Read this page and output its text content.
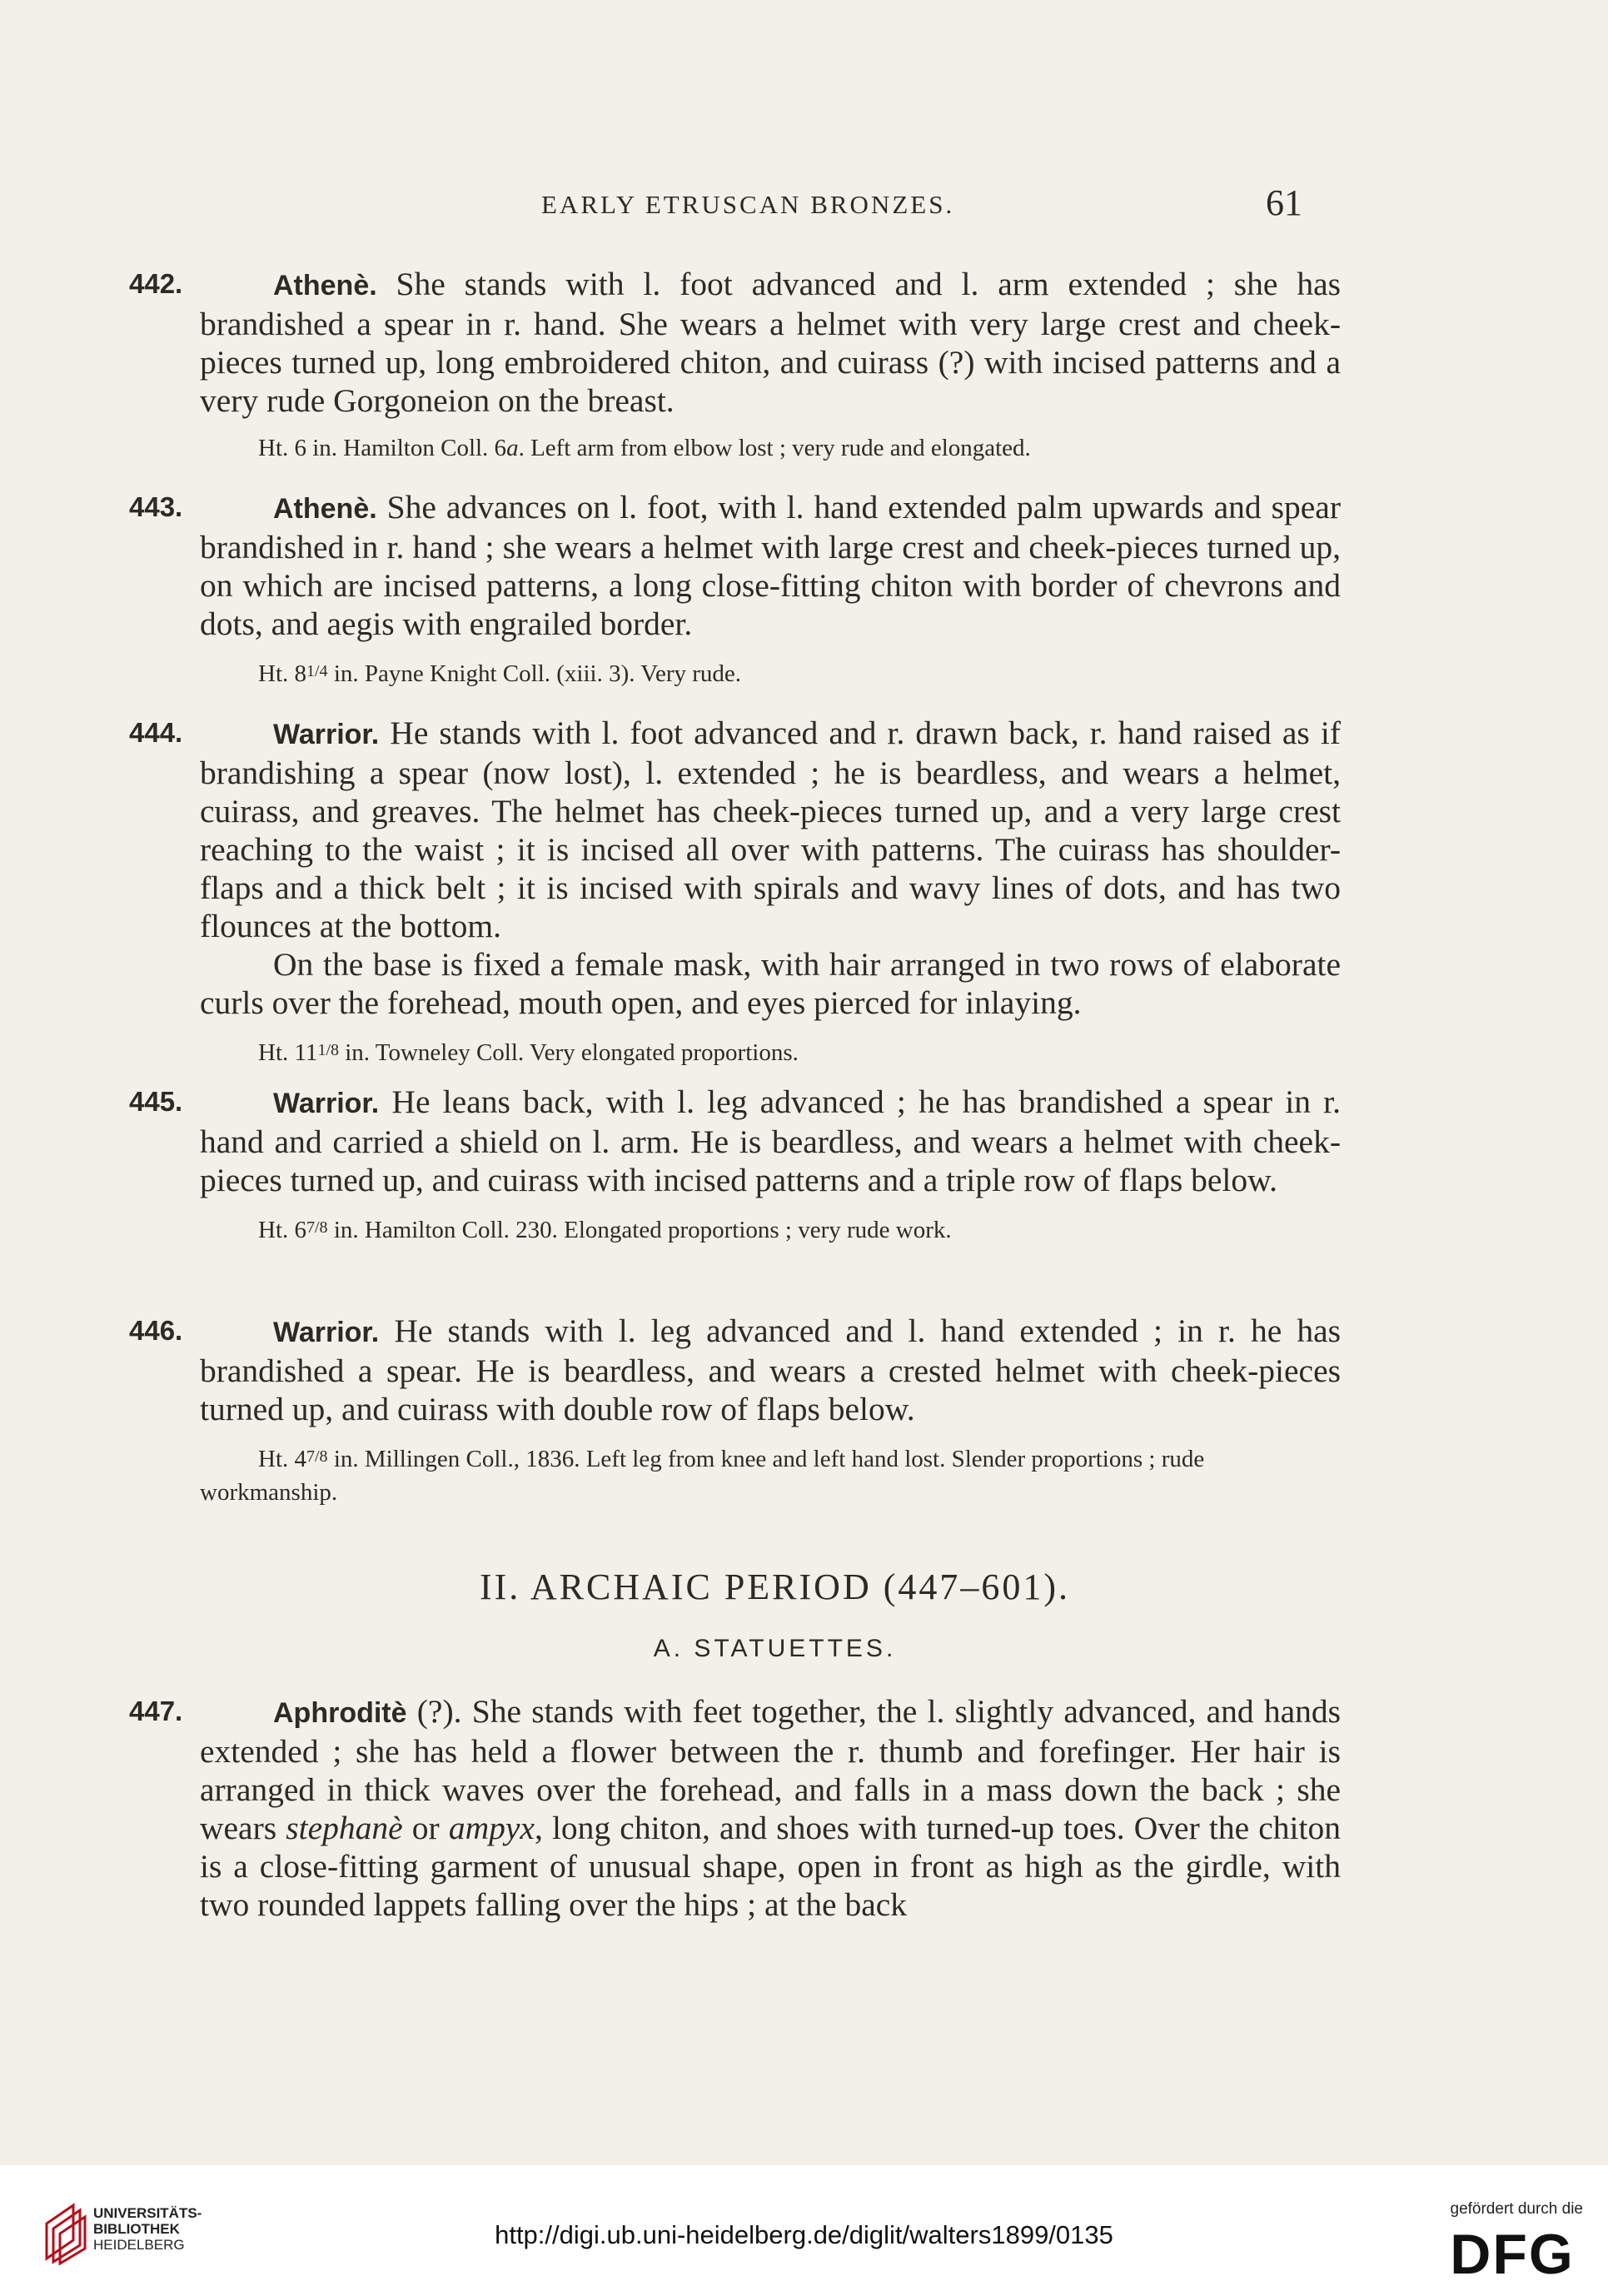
EARLY ETRUSCAN BRONZES.	61
442.	Athenè. She stands with l. foot advanced and l. arm extended ; she has brandished a spear in r. hand. She wears a helmet with very large crest and cheek-pieces turned up, long embroidered chiton, and cuirass (?) with incised patterns and a very rude Gorgoneion on the breast.

Ht. 6 in. Hamilton Coll. 6a. Left arm from elbow lost ; very rude and elongated.

443.	Athenè. She advances on l. foot, with l. hand extended palm upwards and spear brandished in r. hand ; she wears a helmet with large crest and cheek-pieces turned up, on which are incised patterns, a long close-fitting chiton with border of chevrons and dots, and aegis with engrailed border.

Ht. $8^{1/4}$ in. Payne Knight Coll. (xiii. 3). Very rude.

444.	Warrior. He stands with l. foot advanced and r. drawn back, r. hand raised as if brandishing a spear (now lost), l. extended ; he is beardless, and wears a helmet, cuirass, and greaves. The helmet has cheek-pieces turned up, and a very large crest reaching to the waist ; it is incised all over with patterns. The cuirass has shoulder-flaps and a thick belt ; it is incised with spirals and wavy lines of dots, and has two flounces at the bottom.

On the base is fixed a female mask, with hair arranged in two rows of elaborate curls over the forehead, mouth open, and eyes pierced for inlaying.

Ht. $11^{1/8}$ in. Towneley Coll. Very elongated proportions.

445.	Warrior. He leans back, with l. leg advanced ; he has brandished a spear in r. hand and carried a shield on l. arm. He is beardless, and wears a helmet with cheek-pieces turned up, and cuirass with incised patterns and a triple row of flaps below.

Ht. $6^{7/8}$ in. Hamilton Coll. 230. Elongated proportions ; very rude work.

446.	Warrior. He stands with l. leg advanced and l. hand extended ; in r. he has brandished a spear. He is beardless, and wears a crested helmet with cheek-pieces turned up, and cuirass with double row of flaps below.

Ht. $4^{7/8}$ in. Millingen Coll., 1836. Left leg from knee and left hand lost. Slender proportions ; rude workmanship.

II. ARCHAIC PERIOD (447–601).
A. STATUETTES.
447.	Aphroditè (?). She stands with feet together, the l. slightly advanced, and hands extended ; she has held a flower between the r. thumb and forefinger. Her hair is arranged in thick waves over the forehead, and falls in a mass down the back ; she wears stephanè or ampyx, long chiton, and shoes with turned-up toes. Over the chiton is a close-fitting garment of unusual shape, open in front as high as the girdle, with two rounded lappets falling over the hips ; at the back

UNIVERSITÄTS-
BIBLIOTHEK
HEIDELBERG	http://digi.ub.uni-heidelberg.de/diglit/walters1899/0135
gefördert durch die
DFG
